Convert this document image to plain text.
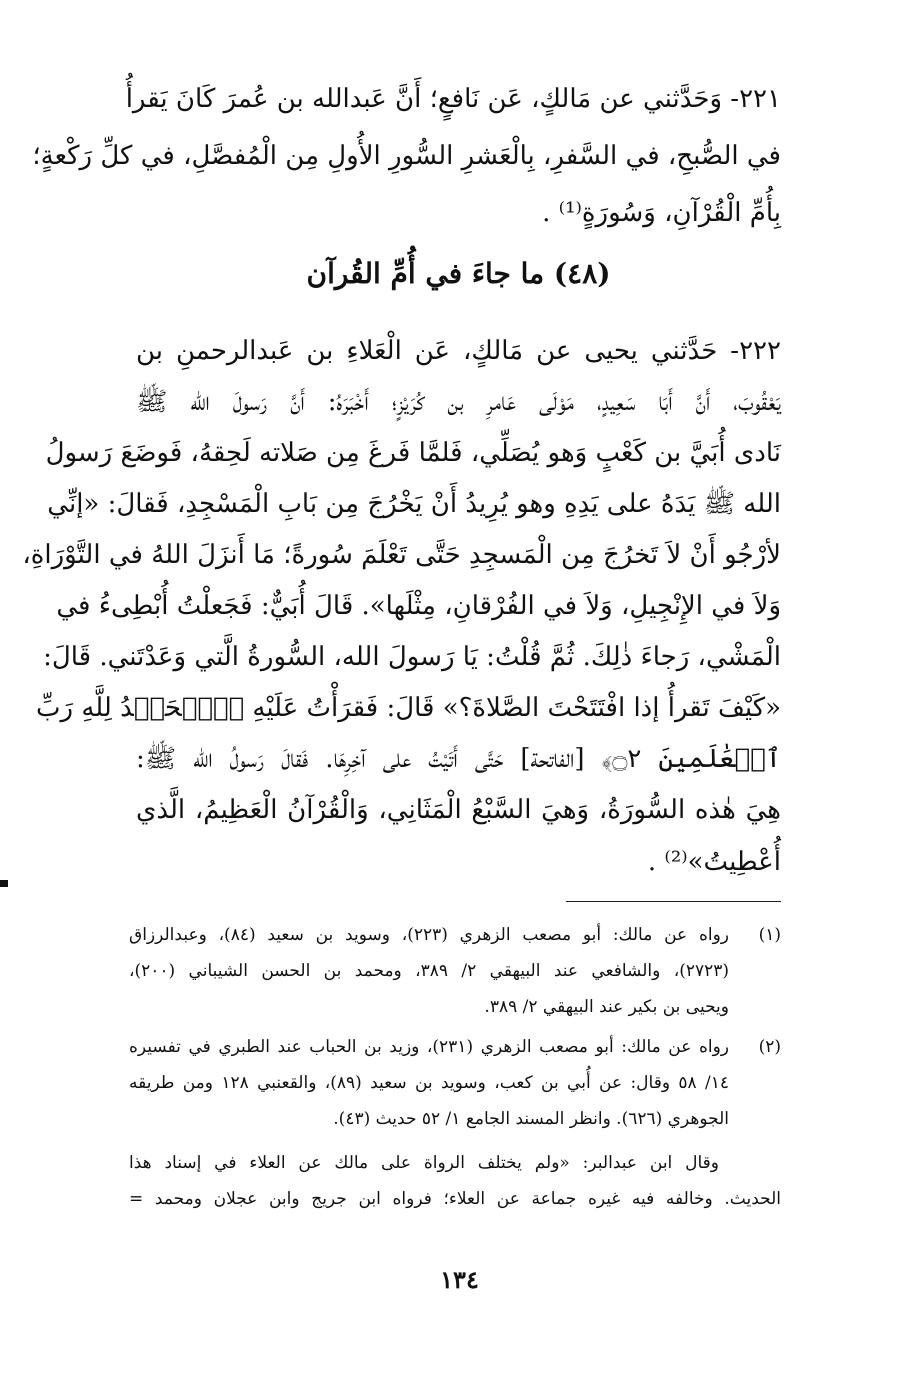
٢٢١- وَحَدَّثني عن مَالكٍ، عَن نَافعٍ؛ أَنَّ عَبدالله بن عُمرَ كَانَ يَقرأُ
في الصُّبحِ، في السَّفرِ، بِالْعَشرِ السُّورِ الأُولِ مِن الْمُفصَّلِ، في كلِّ رَكْعةٍ؛
بِأُمِّ الْقُرْآنِ، وَسُورَةٍ⁽¹⁾ .
(٤٨) ما جاءَ في أُمِّ القُرآن
٢٢٢- حَدَّثني يحيى عن مَالكٍ، عَن الْعَلاءِ بن عَبدالرحمنِ بن
يَعْقُوبَ، أَنَّ أَبَا سَعِيدٍ، مَوْلَى عَامرِ بن كُرَيْزٍ؛ أَخْبَرَهُ: أَنَّ رَسولَ الله ﷺ
نَادى أُبَيَّ بن كَعْبٍ وَهو يُصَلِّي، فَلمَّا فَرغَ مِن صَلاته لَحِقهُ، فَوضَعَ رَسولُ
الله ﷺ يَدَهُ على يَدِهِ وهو يُرِيدُ أَنْ يَخْرُجَ مِن بَابِ الْمَسْجِدِ، فَقالَ: «إنِّي
لأرْجُو أَنْ لاَ تَخرُجَ مِن الْمَسجِدِ حَتَّى تَعْلَمَ سُورةً؛ مَا أَنزَلَ اللهُ في التَّوْرَاةِ،
وَلاَ في الإِنْجِيلِ، وَلاَ في الفُرْقانِ، مِثْلَها». قَالَ أُبَيٌّ: فَجَعلْتُ أُبْطِىءُ في
الْمَشْي، رَجاءَ ذٰلِكَ. ثُمَّ قُلْتُ: يَا رَسولَ الله، السُّورةُ الَّتي وَعَدْتَني. قَالَ:
«كَيْفَ تَقرأُ إذا افْتَتَحْتَ الصَّلاةَ؟» قَالَ: فَقرَأْتُ عَلَيْهِ ﴿ٱلۡحَمۡدُ لِلَّهِ رَبِّ
ٱلۡعَٰلَمِينَ ۝٢﴾ [الفاتحة] حَتَّى أَتَيْتُ على آخِرِهَا. فَقالَ رَسولُ الله ﷺ:
هِيَ هٰذه السُّورَةُ، وَهيَ السَّبْعُ الْمَثَانِي، وَالْقُرْآنُ الْعَظِيمُ، الَّذي
أُعْطِيتُ»⁽²⁾ .
(١)
رواه عن مالك: أبو مصعب الزهري (٢٢٣)، وسويد بن سعيد (٨٤)، وعبدالرزاق
(٢٧٢٣)، والشافعي عند البيهقي ٢/ ٣٨٩، ومحمد بن الحسن الشيباني (٢٠٠)،
ويحيى بن بكير عند البيهقي ٢/ ٣٨٩.
(٢)
رواه عن مالك: أبو مصعب الزهري (٢٣١)، وزيد بن الحباب عند الطبري في تفسيره
١٤/ ٥٨ وقال: عن أُبي بن كعب، وسويد بن سعيد (٨٩)، والقعنبي ١٢٨ ومن طريقه
الجوهري (٦٢٦). وانظر المسند الجامع ١/ ٥٢ حديث (٤٣).
وقال ابن عبدالبر: «ولم يختلف الرواة على مالك عن العلاء في إسناد هذا
الحديث. وخالفه فيه غيره جماعة عن العلاء؛ فرواه ابن جريج وابن عجلان ومحمد =
١٣٤
